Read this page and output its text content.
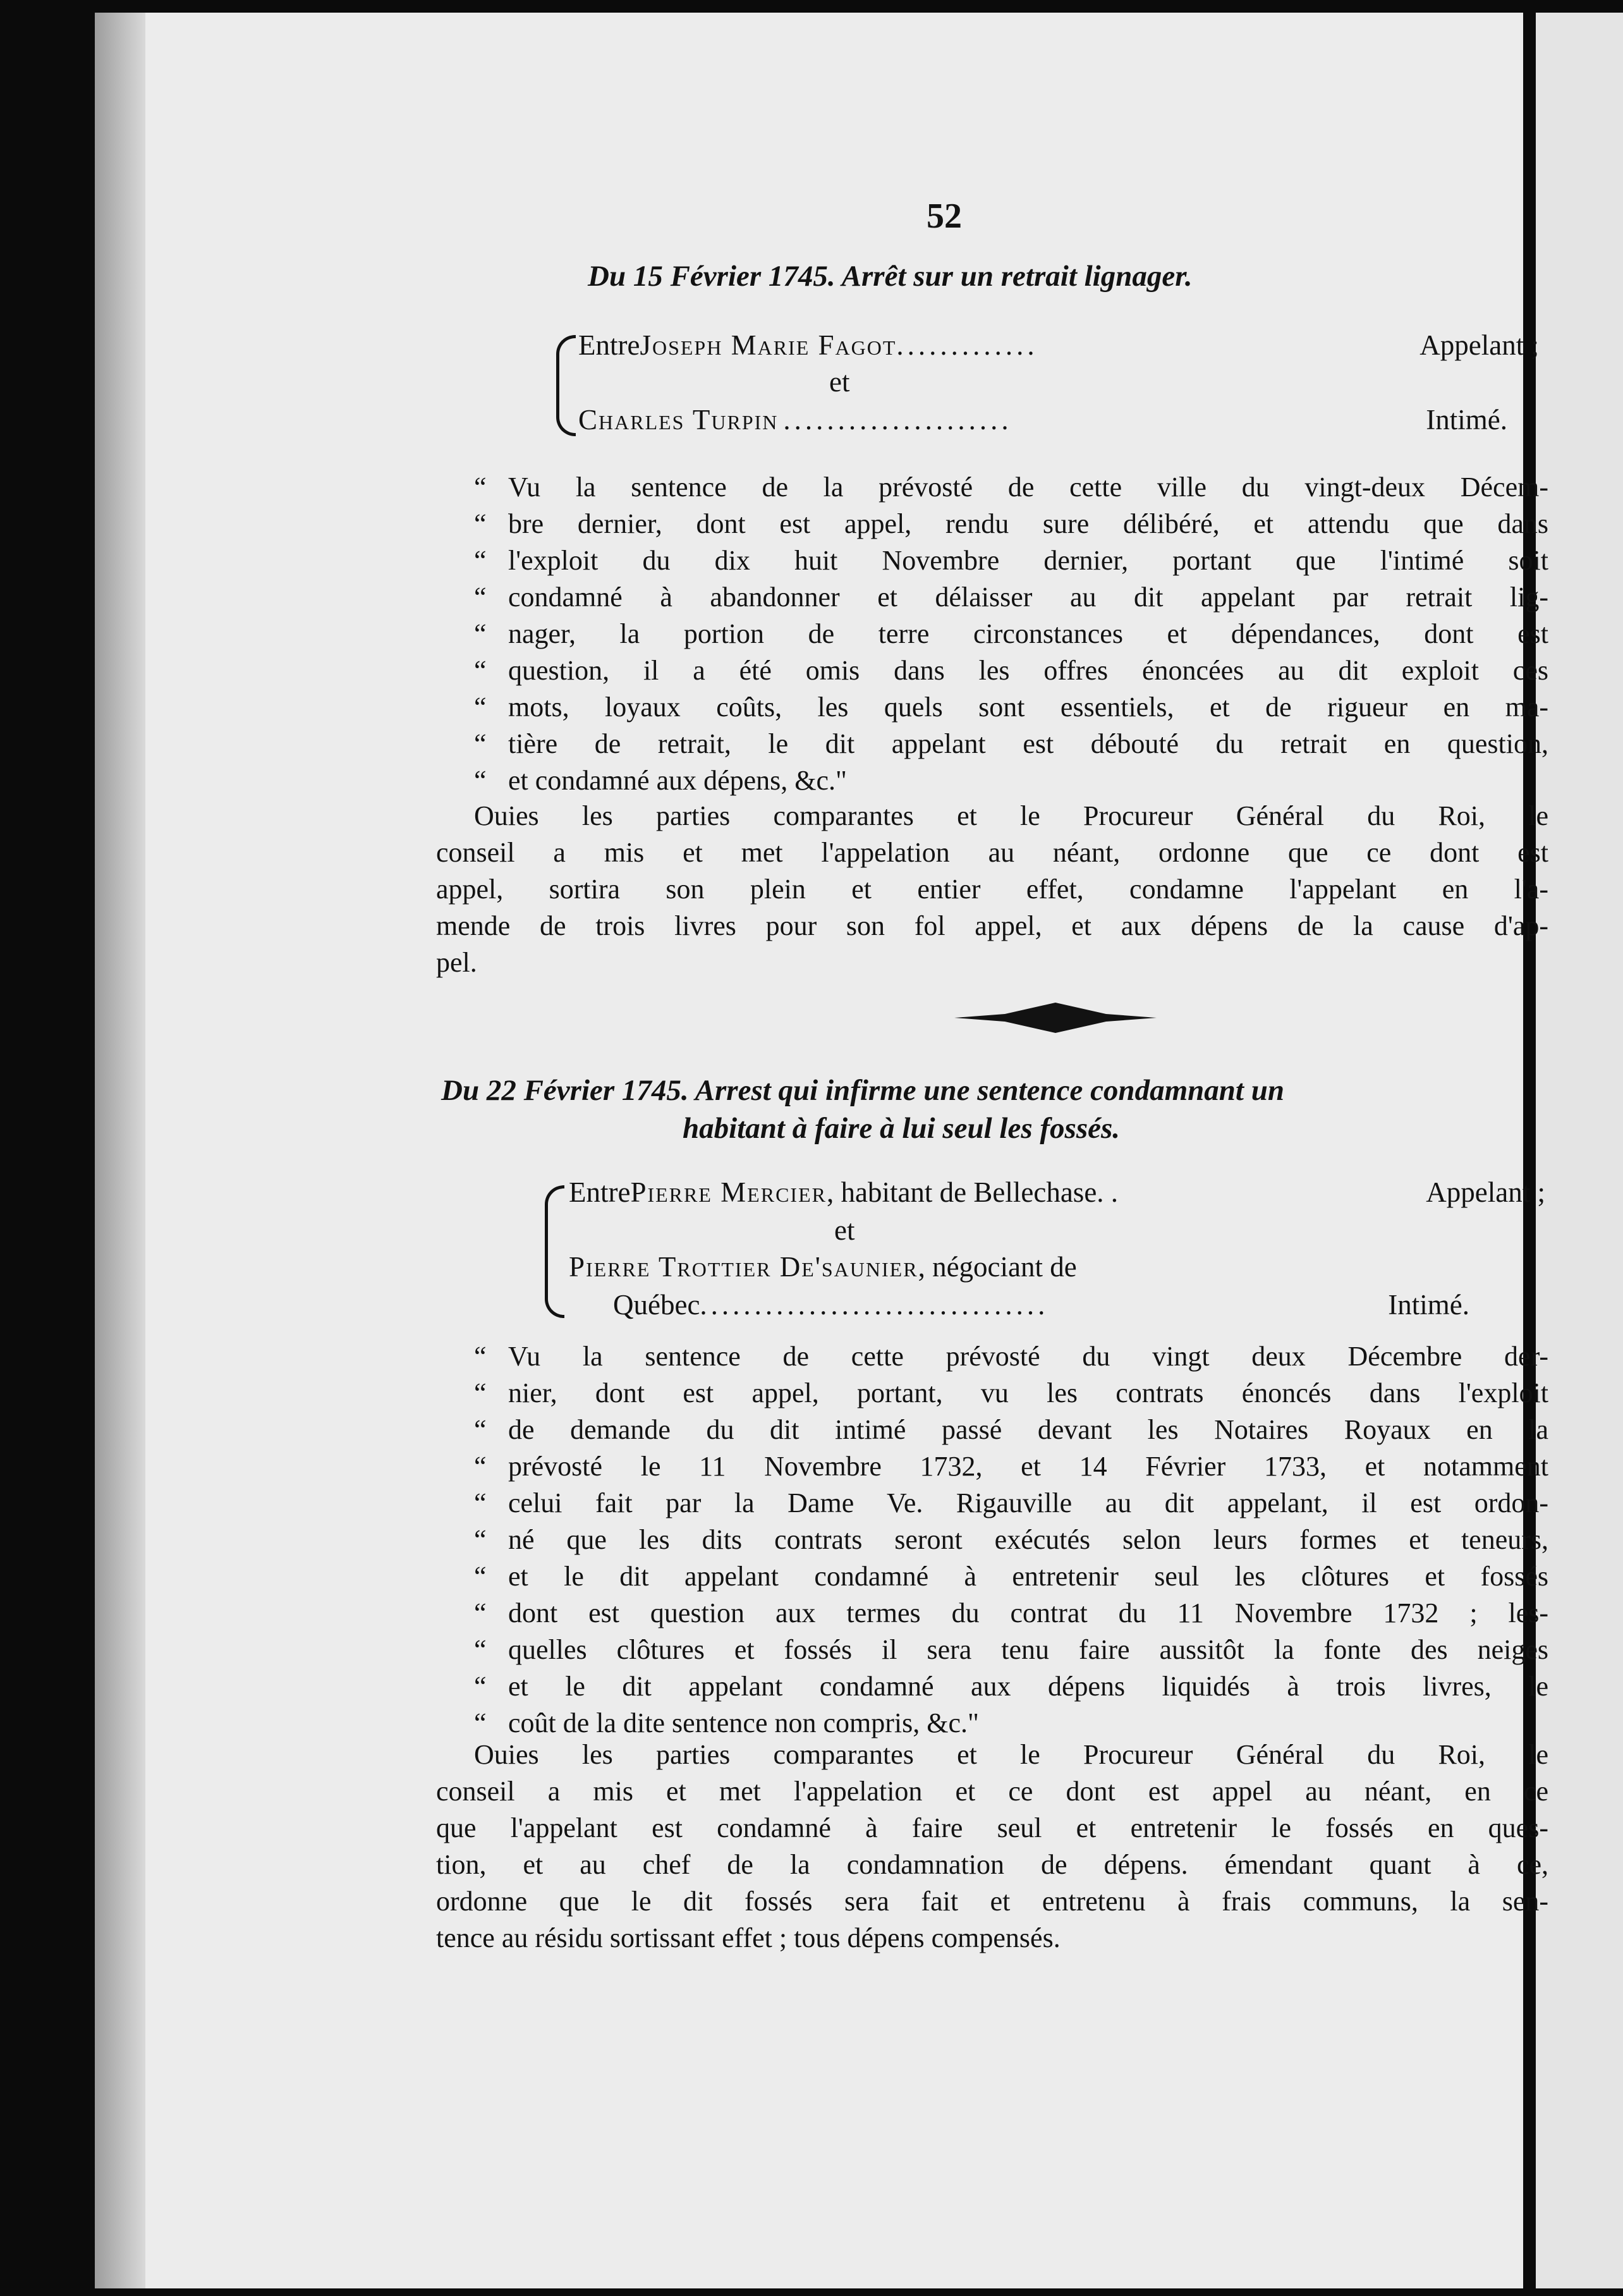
52
Du 15 Février 1745. Arrêt sur un retrait lignager.
Entre Joseph Marie Fagot .............	Appelant ;
et
Charles Turpin .....................	Intimé.
“ Vu la sentence de la prévosté de cette ville du vingt-deux Décem-
“ bre dernier, dont est appel, rendu sure délibéré, et attendu que dans
“ l'exploit du dix huit Novembre dernier, portant que l'intimé soit
“ condamné à abandonner et délaisser au dit appelant par retrait lig-
“ nager, la portion de terre circonstances et dépendances, dont est
“ question, il a été omis dans les offres énoncées au dit exploit ces
“ mots, loyaux coûts, les quels sont essentiels, et de rigueur en ma-
“ tière de retrait, le dit appelant est débouté du retrait en question,
“ et condamné aux dépens, &c."
Ouies les parties comparantes et le Procureur Général du Roi, le
conseil a mis et met l'appelation au néant, ordonne que ce dont est
appel, sortira son plein et entier effet, condamne l'appelant en l'a-
mende de trois livres pour son fol appel, et aux dépens de la cause d'ap-
pel.
Du 22 Février 1745. Arrest qui infirme une sentence condamnant un
habitant à faire à lui seul les fossés.
Entre Pierre Mercier , habitant de Bellechase. .	Appelant ;
et
Pierre Trottier De'saunier, négociant de
Québec ................................	Intimé.
“ Vu la sentence de cette prévosté du vingt deux Décembre der-
“ nier, dont est appel, portant, vu les contrats énoncés dans l'exploit
“ de demande du dit intimé passé devant les Notaires Royaux en la
“ prévosté le 11 Novembre 1732, et 14 Février 1733, et notamment
“ celui fait par la Dame Ve. Rigauville au dit appelant, il est ordon-
“ né que les dits contrats seront exécutés selon leurs formes et teneurs,
“ et le dit appelant condamné à entretenir seul les clôtures et fossés
“ dont est question aux termes du contrat du 11 Novembre 1732 ; les-
“ quelles clôtures et fossés il sera tenu faire aussitôt la fonte des neiges
“ et le dit appelant condamné aux dépens liquidés à trois livres, le
“ coût de la dite sentence non compris, &c."
Ouies les parties comparantes et le Procureur Général du Roi, le
conseil a mis et met l'appelation et ce dont est appel au néant, en ce
que l'appelant est condamné à faire seul et entretenir le fossés en ques-
tion, et au chef de la condamnation de dépens. émendant quant à ce,
ordonne que le dit fossés sera fait et entretenu à frais communs, la sen-
tence au résidu sortissant effet ; tous dépens compensés.
